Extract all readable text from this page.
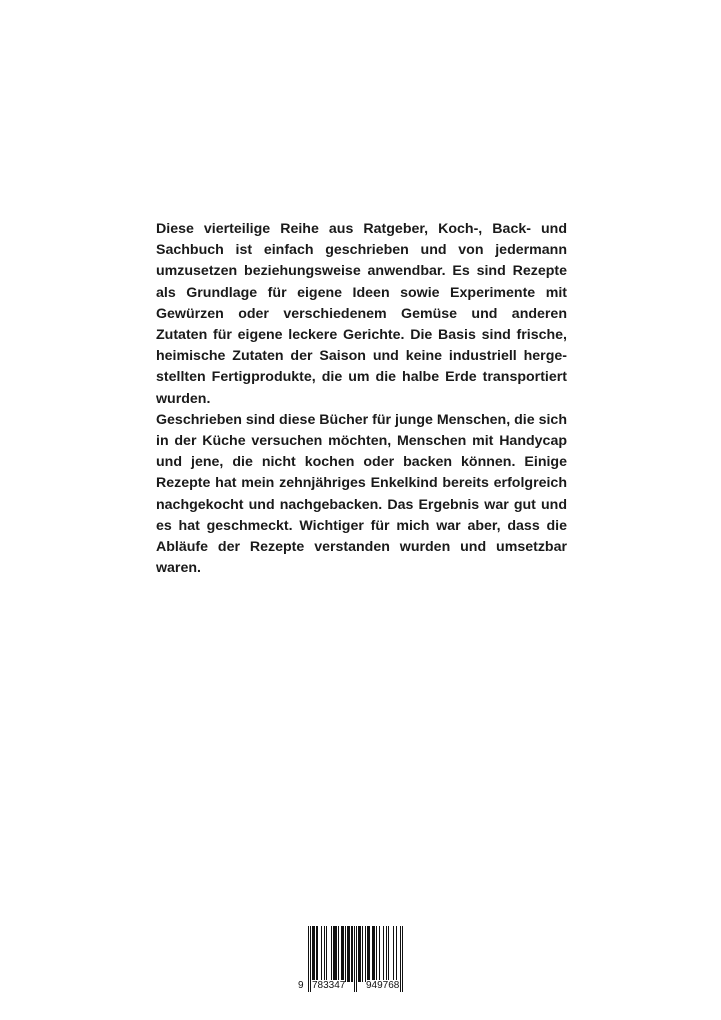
Diese vierteilige Reihe aus Ratgeber, Koch-, Back- und Sachbuch ist einfach geschrieben und von jedermann umzusetzen beziehungsweise anwendbar. Es sind Rezepte als Grundlage für eigene Ideen sowie Experimente mit Gewürzen oder verschiedenem Gemüse und anderen Zutaten für eigene leckere Gerichte. Die Basis sind frische, heimische Zutaten der Saison und keine industriell hergestellten Fertigprodukte, die um die halbe Erde transportiert wurden.

Geschrieben sind diese Bücher für junge Menschen, die sich in der Küche versuchen möchten, Menschen mit Handycap und jene, die nicht kochen oder backen können. Einige Rezepte hat mein zehnjähriges Enkelkind bereits erfolgreich nachgekocht und nachgebacken. Das Ergebnis war gut und es hat geschmeckt. Wichtiger für mich war aber, dass die Abläufe der Rezepte verstanden wurden und umsetzbar waren.

9 783347 949768
